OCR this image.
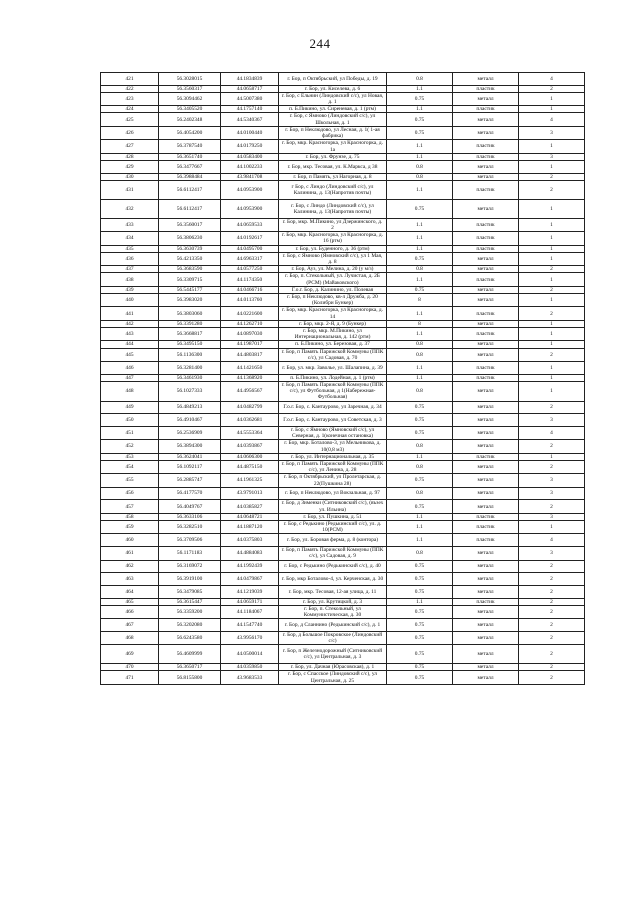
244
421	56.3028015	44.1834839	г. Бор, п Октябрьский, ул Победы, д. 19	0.8	металл	4
422	56.3560317	44.0658717	г. Бор, ул. Киселева, д. 6	1.1	пластик	2
423	56.3094462	44.5007380	г. Бор, с Ельнин (Линдовский с/с), ул Новая, д. 1	0.75	металл	1
424	56.3405520	44.1757140	п. Б.Пикино, ул. Сиреневая, д. 1 (ртм)	1.1	пластик	1
425	56.2402348	44.5340367	г. Бор, с Ямново (Линдовский с/с), ул Школьная, д. 1	0.75	металл	4
426	56.4054200	44.0100440	г. Бор, п Неклюдово, ул Лесная, д. 1( 1-ая фабрика)	0.75	металл	3
427	56.3787540	44.0179250	г. Бор, мкр. Красногорка, ул Красногорка, д. 1а	1.1	пластик	1
428	56.3651740	44.0583400	г. Бор, ул. Фрунзе, д. 75	1.1	пластик	3
429	56.3477667	44.1002233	г. Бор, мкр. Тесовая, ул. К.Маркса, д 38	0.8	металл	1
430	56.3988484	43.9841708	г. Бор, п Память, ул Нагорная, д. 8	0.8	металл	2
431	56.6112417	44.0953900	г Бор, с Линдо (Линдовский с/с), ул Калинина, д. 13(Напротив почты)	1.1	пластик	2
432	56.6112417	44.0953900	г. Бор, с Линдо (Линдовский с/с), ул Калинина, д. 13(Напротив почты)	0.75	металл	1
433	56.3560017	44.0659533	г. Бор, мкр. М.Пикино, ул Дзержинского, д. 2	1.1	пластик	1
434	56.3806230	44.0192617	г. Бор, мкр. Красногорка, ул Красногорка, д. 16 (ртм)	1.1	пластик	1
435	56.3630739	44.0495700	г. Бор, ул. Буденного, д. 36 (ртм)	1.1	пластик	1
436	56.4213350	44.6963317	г. Бор, с Ямново (Ямновский с/с), ул 1 Мая, д. 8	0.75	металл	1
437	56.3683590	44.0577250	г. Бор, Ауз, ул. Мелина, д. 20 (у м/з)	0.8	металл	2
438	56.3309715	44.1174350	г. Бор, п. Стекольный, ул. Лучистая, д. 2Б (РСМ) (Майаковского)	1.1	пластик	1
439	56.5445177	44.0466716	Г.о.г. Бор, д. Калинино, ул. Полевая	0.75	металл	2
440	56.3983020	44.0113760	г. Бор, п Неклюдово, кв-л Дружба, д. 20 (Колибри Бункер)	8	металл	1
441	56.3803060	44.0221600	г. Бор, мкр. Красногорка, ул Красногорка, д. 14	1.1	пластик	2
442	56.3391280	44.1262710	г. Бор, мкр. 2-Я, д. 9 (Бункер)	8	металл	1
443	56.3668817	44.0897030	г. Бор, мкр. М.Пикино, ул Интернациональная, д. 142 (ртм)	1.1	пластик	1
444	56.3495150	44.1987017	п. Б.Пикино, ул. Березовая, д. 37	0.8	металл	1
445	56.1136300	44.4803817	г. Бор, п Память Парижской Коммуны (ППК с/с), ул Садовая, д. 70	0.8	металл	2
446	56.3281400	44.1421650	г. Бор, ул. мкр. Заволье, ул. Шалапина, д. 39	1.1	пластик	1
447	56.3461930	44.1368920	п. Б.Пикино, ул. Лодейная, д. 1 (ртм)	1.1	пластик	1
448	56.1027333	44.4956567	г. Бор, п Память Парижской Коммуны (ППК с/с), ул Футбольная, д 1(Набережная-Футбольная)	0.8	металл	1
449	56.4849213	44.0482799	Г.о.г. Бор, с. Кантаурово, ул Заречная, д. 34	0.75	металл	2
450	56.4910467	44.0362681	Г.о.г. Бор, с. Кантаурово, ул Советская, д. 3	0.75	металл	3
451	56.2536909	44.5553364	г. Бор, с Ямново (Ямновский с/с), ул Северная, д. 1(конечная остановка)	0.75	металл	4
452	56.3894300	44.0393867	г. Бор, мкр. Боталово-3, ул Мельникова, д. 10(0,8 м3)	0.8	металл	2
453	56.3624041	44.0606300	г. Бор, ул. Интернациональная, д. 35	1.1	пластик	1
454	56.1092117	44.4875150	г. Бор, п Память Парижской Коммуны (ППК с/с), ул Ленина, д. 28	0.8	металл	2
455	56.2885747	44.1961325	г. Бор, п Октябрьский, ул Пролетарская, д. 22(Пушкина 28)	0.75	металл	3
456	56.4177570	43.9791013	г. Бор, п Неклюдово, ул Вокзальная, д. 97	0.8	металл	3
457	56.4049767	44.0385827	г. Бор, д Зименки (Ситниковский с/с), (възех ул. Ильина)	0.75	металл	2
458	56.3633106	44.0648721	г. Бор, ул. Пушкина, д. 51	1.1	пластик	3
459	56.3282510	44.1887120	г. Бор, с Редькино (Редькинский с/с), ул. д. 10(РСМ)	1.1	пластик	1
460	56.3709506	44.0375803	г. Бор, ул. Боровая ферма, д. 8 (контора)	1.1	пластик	4
461	56.1171183	44.4884083	г. Бор, п Память Парижской Коммуны (ППК с/с), ул Садовая, д. 9	0.8	металл	3
462	56.3169072	44.1992439	г. Бор, с Редькино (Редькинский с/с), д. 40	0.75	металл	2
463	56.3919100	44.0479867	г. Бор, мкр Боталово-4, ул. Керченская, д. 30	0.75	металл	2
464	56.3479085	44.1219039	г. Бор, мкр. Тесовая, 12-ая улица, д. 11	0.75	металл	2
465	56.3615447	44.0659171	г. Бор, ул. Крутицкой, д. 3	1.1	пластик	2
466	56.3359200	44.1184067	г. Бор, п. Стекольный, ул Коммунистическая, д. 30	0.75	металл	2
467	56.3202080	44.1547740	г. Бор, д Сланнино (Редькинский с/с), д. 1	0.75	металл	2
468	56.6243580	43.9956170	г. Бор, д Большое Покровское (Линдовский с/с)	0.75	металл	2
469	56.4609999	44.0500014	г. Бор, п Железнодорожный (Ситниковский с/с), ул Центральная, д. 3	0.75	металл	2
470	56.3650717	44.0359850	г. Бор, ул. Дачная (Юрасовская), д. 1	0.75	металл	2
471	56.8155800	43.9683533	г. Бор, с Спасское (Линдовский с/с), ул Центральная, д. 25	0.75	металл	2
